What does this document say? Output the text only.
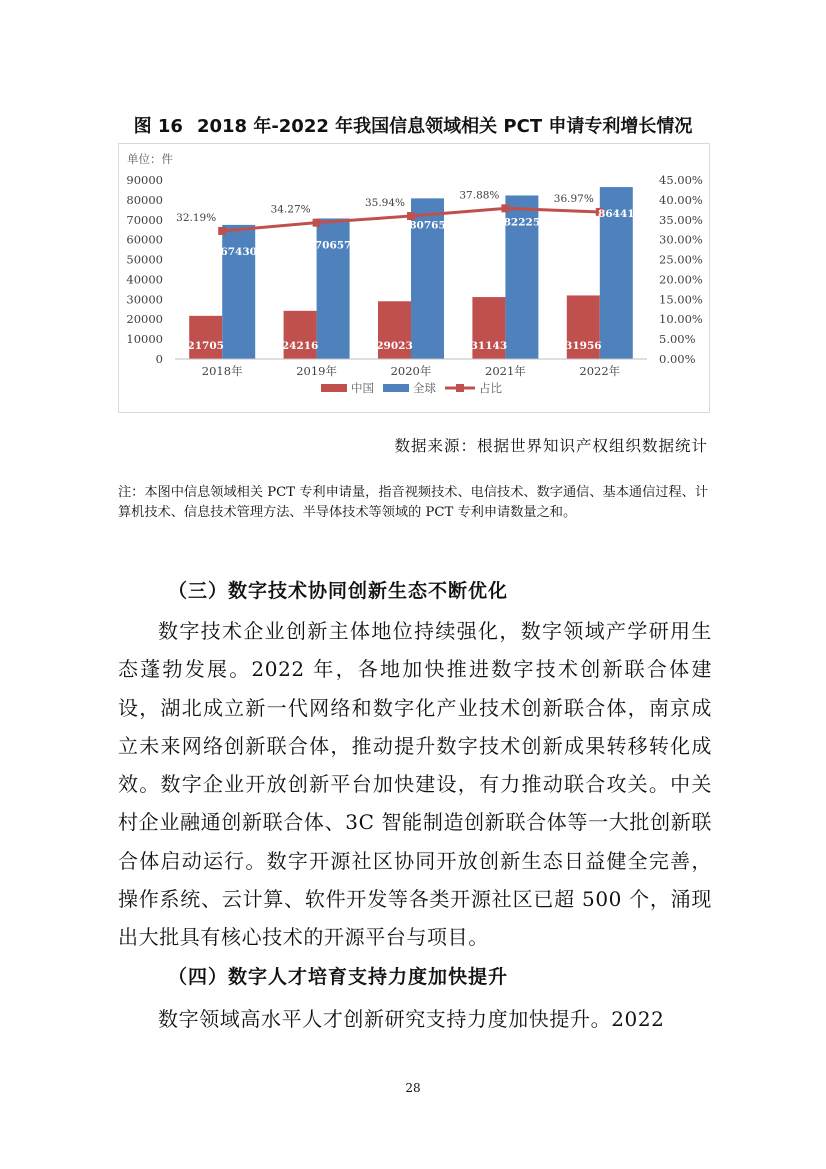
图 16 2018 年-2022 年我国信息领域相关 PCT 申请专利增长情况
单位：件
0
10000
20000
30000
40000
50000
60000
70000
80000
90000
0.00%
5.00%
10.00%
15.00%
20.00%
25.00%
30.00%
35.00%
40.00%
45.00%
21705
67430
24216
70657
29023
80765
31143
82225
31956
86441
32.19%
34.27%
35.94%
37.88%	36.97%
2018年	2019年	2020年	2021年	2022年
中国	全球	占比
数据来源：根据世界知识产权组织数据统计
注：本图中信息领域相关 PCT 专利申请量，指音视频技术、电信技术、数字通信、基本通信过程、计算机技术、信息技术管理方法、半导体技术等领域的 PCT 专利申请数量之和。
（三）数字技术协同创新生态不断优化
数字技术企业创新主体地位持续强化，数字领域产学研用生态蓬勃发展。2022 年，各地加快推进数字技术创新联合体建设，湖北成立新一代网络和数字化产业技术创新联合体，南京成立未来网络创新联合体，推动提升数字技术创新成果转移转化成效。数字企业开放创新平台加快建设，有力推动联合攻关。中关村企业融通创新联合体、3C 智能制造创新联合体等一大批创新联合体启动运行。数字开源社区协同开放创新生态日益健全完善，操作系统、云计算、软件开发等各类开源社区已超 500 个，涌现出大批具有核心技术的开源平台与项目。
（四）数字人才培育支持力度加快提升
数字领域高水平人才创新研究支持力度加快提升。2022
28
